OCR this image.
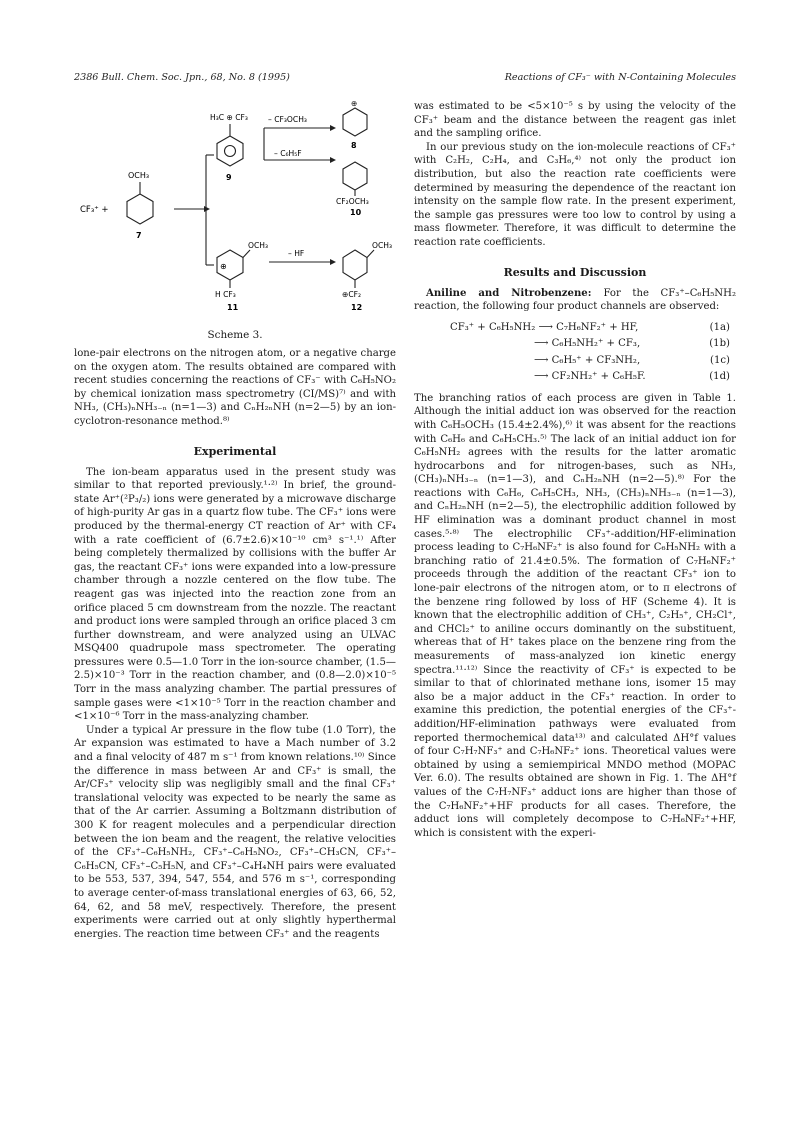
2386 Bull. Chem. Soc. Jpn., 68, No. 8 (1995)	Reactions of CF₃⁻ with N-Containing Molecules
CF₃⁺ +
OCH₃
7
H₃C ⊕ CF₃
9
– CF₃OCH₃
⊕
8
– C₆H₅F
CF₂OCH₃
10
OCH₃
⊕
H CF₃
– HF
OCH₃
⊕CF₂
11	12
Scheme 3.

lone-pair electrons on the nitrogen atom, or a negative charge on the oxygen atom. The results obtained are compared with recent studies concerning the reactions of CF₃⁻ with C₆H₅NO₂ by chemical ionization mass spectrometry (CI/MS)⁷⁾ and with NH₃, (CH₃)ₙNH₃₋ₙ (n=1—3) and CₙH₂ₙNH (n=2—5) by an ion-cyclotron-resonance method.⁸⁾

Experimental

The ion-beam apparatus used in the present study was similar to that reported previously.¹·²⁾ In brief, the ground-state Ar⁺(²P₃/₂) ions were generated by a microwave discharge of high-purity Ar gas in a quartz flow tube. The CF₃⁺ ions were produced by the thermal-energy CT reaction of Ar⁺ with CF₄ with a rate coefficient of (6.7±2.6)×10⁻¹⁰ cm³ s⁻¹.¹⁾ After being completely thermalized by collisions with the buffer Ar gas, the reactant CF₃⁺ ions were expanded into a low-pressure chamber through a nozzle centered on the flow tube. The reagent gas was injected into the reaction zone from an orifice placed 5 cm downstream from the nozzle. The reactant and product ions were sampled through an orifice placed 3 cm further downstream, and were analyzed using an ULVAC MSQ400 quadrupole mass spectrometer. The operating pressures were 0.5—1.0 Torr in the ion-source chamber, (1.5—2.5)×10⁻³ Torr in the reaction chamber, and (0.8—2.0)×10⁻⁵ Torr in the mass analyzing chamber. The partial pressures of sample gases were <1×10⁻⁵ Torr in the reaction chamber and <1×10⁻⁶ Torr in the mass-analyzing chamber.

Under a typical Ar pressure in the flow tube (1.0 Torr), the Ar expansion was estimated to have a Mach number of 3.2 and a final velocity of 487 m s⁻¹ from known relations.¹⁰⁾ Since the difference in mass between Ar and CF₃⁺ is small, the Ar/CF₃⁺ velocity slip was negligibly small and the final CF₃⁺ translational velocity was expected to be nearly the same as that of the Ar carrier. Assuming a Boltzmann distribution of 300 K for reagent molecules and a perpendicular direction between the ion beam and the reagent, the relative velocities of the CF₃⁺–C₆H₅NH₂, CF₃⁺–C₆H₅NO₂, CF₃⁺–CH₃CN, CF₃⁺–C₆H₅CN, CF₃⁺–C₅H₅N, and CF₃⁺–C₄H₄NH pairs were evaluated to be 553, 537, 394, 547, 554, and 576 m s⁻¹, corresponding to average center-of-mass translational energies of 63, 66, 52, 64, 62, and 58 meV, respectively. Therefore, the present experiments were carried out at only slightly hyperthermal energies. The reaction time between CF₃⁺ and the reagents

was estimated to be <5×10⁻⁵ s by using the velocity of the CF₃⁺ beam and the distance between the reagent gas inlet and the sampling orifice.

In our previous study on the ion-molecule reactions of CF₃⁺ with C₂H₂, C₂H₄, and C₃H₆,⁴⁾ not only the product ion distribution, but also the reaction rate coefficients were determined by measuring the dependence of the reactant ion intensity on the sample flow rate. In the present experiment, the sample gas pressures were too low to control by using a mass flowmeter. Therefore, it was difficult to determine the reaction rate coefficients.

Results and Discussion

Aniline and Nitrobenzene: For the CF₃⁺–C₆H₅NH₂ reaction, the following four product channels are observed:

CF₃⁺ + C₆H₅NH₂ ⟶ C₇H₆NF₂⁺ + HF,	(1a)
⟶ C₆H₅NH₂⁺ + CF₃,	(1b)
⟶ C₆H₅⁺ + CF₃NH₂,	(1c)
⟶ CF₂NH₂⁺ + C₆H₅F.	(1d)

The branching ratios of each process are given in Table 1. Although the initial adduct ion was observed for the reaction with C₆H₅OCH₃ (15.4±2.4%),⁶⁾ it was absent for the reactions with C₆H₆ and C₆H₅CH₃.⁵⁾ The lack of an initial adduct ion for C₆H₅NH₂ agrees with the results for the latter aromatic hydrocarbons and for nitrogen-bases, such as NH₃, (CH₃)ₙNH₃₋ₙ (n=1—3), and CₙH₂ₙNH (n=2—5).⁸⁾ For the reactions with C₆H₆, C₆H₅CH₃, NH₃, (CH₃)ₙNH₃₋ₙ (n=1—3), and CₙH₂ₙNH (n=2—5), the electrophilic addition followed by HF elimination was a dominant product channel in most cases.⁵·⁸⁾ The electrophilic CF₃⁺-addition/HF-elimination process leading to C₇H₆NF₂⁺ is also found for C₆H₅NH₂ with a branching ratio of 21.4±0.5%. The formation of C₇H₆NF₂⁺ proceeds through the addition of the reactant CF₃⁺ ion to lone-pair electrons of the nitrogen atom, or to π electrons of the benzene ring followed by loss of HF (Scheme 4). It is known that the electrophilic addition of CH₃⁺, C₂H₅⁺, CH₂Cl⁺, and CHCl₂⁺ to aniline occurs dominantly on the substituent, whereas that of H⁺ takes place on the benzene ring from the measurements of mass-analyzed ion kinetic energy spectra.¹¹·¹²⁾ Since the reactivity of CF₃⁺ is expected to be similar to that of chlorinated methane ions, isomer 15 may also be a major adduct in the CF₃⁺ reaction. In order to examine this prediction, the potential energies of the CF₃⁺-addition/HF-elimination pathways were evaluated from reported thermochemical data¹³⁾ and calculated ΔH°f values of four C₇H₇NF₃⁺ and C₇H₆NF₂⁺ ions. Theoretical values were obtained by using a semiempirical MNDO method (MOPAC Ver. 6.0). The results obtained are shown in Fig. 1. The ΔH°f values of the C₇H₇NF₃⁺ adduct ions are higher than those of the C₇H₆NF₂⁺+HF products for all cases. Therefore, the adduct ions will completely decompose to C₇H₆NF₂⁺+HF, which is consistent with the experi-
